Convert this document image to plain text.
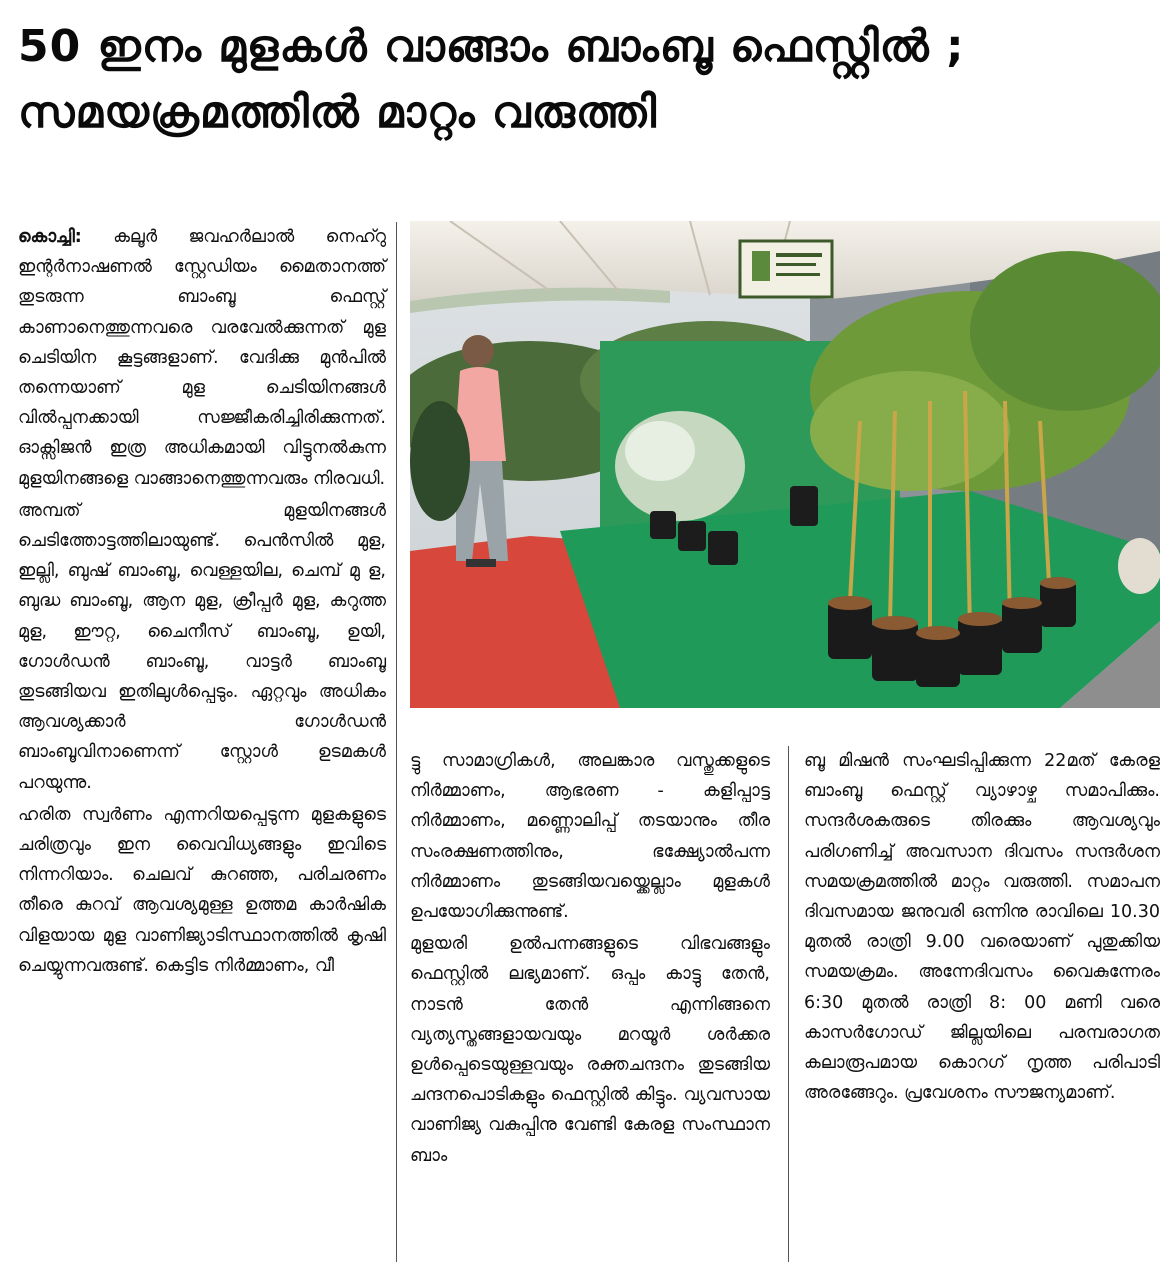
50 ഇനം മുളകൾ വാങ്ങാം ബാംബൂ ഫെസ്റ്റിൽ ;
സമയക്രമത്തിൽ മാറ്റം വരുത്തി

കൊച്ചി: കലൂർ ജവഹർലാൽ നെഹ്റു ഇന്റർനാഷണൽ സ്റ്റേഡിയം മൈതാനത്ത് തുടരുന്ന ബാംബൂ ഫെസ്റ്റ് കാണാനെത്തുന്നവരെ വരവേൽക്കുന്നത് മുള ചെടിയിന കൂട്ടങ്ങളാണ്. വേദിക്കു മുൻപിൽ തന്നെയാണ് മുള ചെടിയിനങ്ങൾ വിൽപ്പനക്കായി സജ്ജീകരിച്ചിരിക്കുന്നത്. ഓക്സിജൻ ഇത്ര അധികമായി വിട്ടുനൽകുന്ന മുളയിനങ്ങളെ വാങ്ങാനെത്തുന്നവരും നിരവധി.

അമ്പത് മുളയിനങ്ങൾ ചെടിത്തോട്ടത്തിലായുണ്ട്. പെൻസിൽ മുള, ഇല്ലി, ബുഷ് ബാംബൂ, വെള്ളയില, ചെമ്പ് മു ള, ബുദ്ധ ബാംബൂ, ആന മുള, ക്രീപ്പർ മുള, കറുത്ത മുള, ഈറ്റ, ചൈനീസ് ബാംബൂ, ഉയി, ഗോൾഡൻ ബാംബൂ, വാട്ടർ ബാംബൂ തുടങ്ങിയവ ഇതിലുൾപ്പെടും. ഏറ്റവും അധികം ആവശ്യക്കാർ ഗോൾഡൻ ബാംബൂവിനാണെന്ന് സ്റ്റോൾ ഉടമകൾ പറയുന്നു.

ഹരിത സ്വർണം എന്നറിയപ്പെടുന്ന മുളകളുടെ ചരിത്രവും ഇന വൈവിധ്യങ്ങളും ഇവിടെ നിന്നറിയാം. ചെലവ് കുറഞ്ഞ, പരിചരണം തീരെ കുറവ് ആവശ്യമുള്ള ഉത്തമ കാർഷിക വിളയായ മുള വാണിജ്യാടിസ്ഥാനത്തിൽ കൃഷി ചെയ്യുന്നവരുണ്ട്. കെട്ടിട നിർമ്മാണം, വീ

ട്ടു സാമാഗ്രികൾ, അലങ്കാര വസ്തുക്കളുടെ നിർമ്മാണം, ആഭരണ - കളിപ്പാട്ട നിർമ്മാണം, മണ്ണൊലിപ്പ് തടയാനും തീര സംരക്ഷണത്തിനും, ഭക്ഷ്യോൽപന്ന നിർമ്മാണം തുടങ്ങിയവയ്ക്കെല്ലാം മുളകൾ ഉപയോഗിക്കുന്നുണ്ട്.

മുളയരി ഉൽപന്നങ്ങളുടെ വിഭവങ്ങളും ഫെസ്റ്റിൽ ലഭ്യമാണ്. ഒപ്പം കാട്ടു തേൻ, നാടൻ തേൻ എന്നിങ്ങനെ വ്യത്യസ്തങ്ങളായവയും മറയൂർ ശർക്കര ഉൾപ്പെടെയുള്ളവയും രക്തചന്ദനം തുടങ്ങിയ ചന്ദനപൊടികളും ഫെസ്റ്റിൽ കിട്ടും. വ്യവസായ വാണിജ്യ വകുപ്പിനു വേണ്ടി കേരള സംസ്ഥാന ബാം

ബൂ മിഷൻ സംഘടിപ്പിക്കുന്ന 22മത് കേരള ബാംബൂ ഫെസ്റ്റ് വ്യാഴാഴ്ച സമാപിക്കും. സന്ദർശകരുടെ തിരക്കും ആവശ്യവും പരിഗണിച്ച് അവസാന ദിവസം സന്ദർശന സമയക്രമത്തിൽ മാറ്റം വരുത്തി. സമാപന ദിവസമായ ജനുവരി ഒന്നിനു രാവിലെ 10.30 മുതൽ രാത്രി 9.00 വരെയാണ് പുതുക്കിയ സമയക്രമം. അന്നേദിവസം വൈകുന്നേരം 6:30 മുതൽ രാത്രി 8: 00 മണി വരെ കാസർഗോഡ് ജില്ലയിലെ പരമ്പരാഗത കലാരൂപമായ കൊറഗ് നൃത്ത പരിപാടി അരങ്ങേറും. പ്രവേശനം സൗജന്യമാണ്.
